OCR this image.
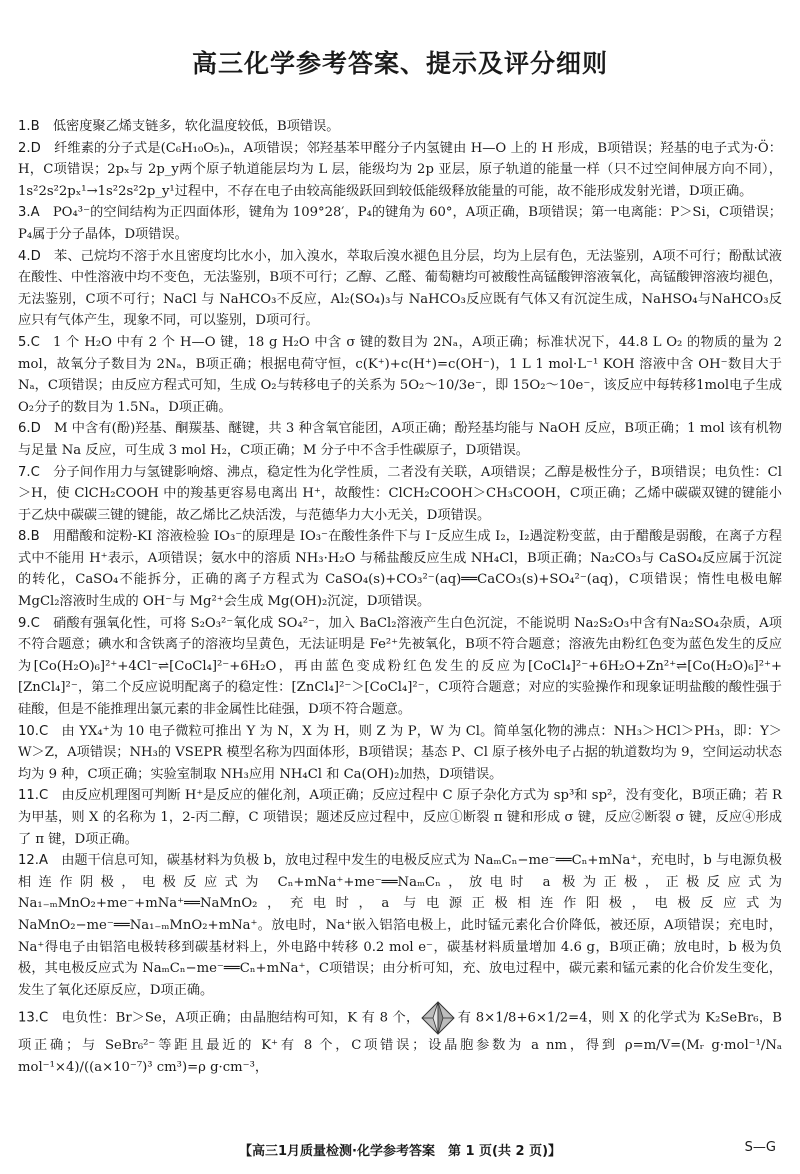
高三化学参考答案、提示及评分细则

1.B   低密度聚乙烯支链多，软化温度较低，B项错误。

2.D   纤维素的分子式是(C₆H₁₀O₅)ₙ，A项错误；邻羟基苯甲醛分子内氢键由 H—O 上的 H 形成，B项错误；羟基的电子式为·Ö：H，C项错误；2pₓ与 2p_y两个原子轨道能层均为 L 层，能级均为 2p 亚层，原子轨道的能量一样（只不过空间伸展方向不同），1s²2s²2pₓ¹→1s²2s²2p_y¹过程中，不存在电子由较高能级跃回到较低能级释放能量的可能，故不能形成发射光谱，D项正确。

3.A   PO₄³⁻的空间结构为正四面体形，键角为 109°28′，P₄的键角为 60°，A项正确，B项错误；第一电离能：P＞Si，C项错误；P₄属于分子晶体，D项错误。

4.D   苯、己烷均不溶于水且密度均比水小，加入溴水，萃取后溴水褪色且分层，均为上层有色，无法鉴别，A项不可行；酚酞试液在酸性、中性溶液中均不变色，无法鉴别，B项不可行；乙醇、乙醛、葡萄糖均可被酸性高锰酸钾溶液氧化，高锰酸钾溶液均褪色，无法鉴别，C项不可行；NaCl 与 NaHCO₃不反应，Al₂(SO₄)₃与 NaHCO₃反应既有气体又有沉淀生成，NaHSO₄与NaHCO₃反应只有气体产生，现象不同，可以鉴别，D项可行。

5.C   1 个 H₂O 中有 2 个 H—O 键，18 g H₂O 中含 σ 键的数目为 2Nₐ，A项正确；标准状况下，44.8 L O₂ 的物质的量为 2 mol，故氧分子数目为 2Nₐ，B项正确；根据电荷守恒，c(K⁺)+c(H⁺)=c(OH⁻)，1 L 1 mol·L⁻¹ KOH 溶液中含 OH⁻数目大于 Nₐ，C项错误；由反应方程式可知，生成 O₂与转移电子的关系为 5O₂～10/3e⁻，即 15O₂～10e⁻，该反应中每转移1mol电子生成 O₂分子的数目为 1.5Nₐ，D项正确。

6.D   M 中含有(酚)羟基、酮羰基、醚键，共 3 种含氧官能团，A项正确；酚羟基均能与 NaOH 反应，B项正确；1 mol 该有机物与足量 Na 反应，可生成 3 mol H₂，C项正确；M 分子中不含手性碳原子，D项错误。

7.C   分子间作用力与氢键影响熔、沸点，稳定性为化学性质，二者没有关联，A项错误；乙醇是极性分子，B项错误；电负性：Cl＞H，使 ClCH₂COOH 中的羧基更容易电离出 H⁺，故酸性：ClCH₂COOH＞CH₃COOH，C项正确；乙烯中碳碳双键的键能小于乙炔中碳碳三键的键能，故乙烯比乙炔活泼，与范德华力大小无关，D项错误。

8.B   用醋酸和淀粉-KI 溶液检验 IO₃⁻的原理是 IO₃⁻在酸性条件下与 I⁻反应生成 I₂，I₂遇淀粉变蓝，由于醋酸是弱酸，在离子方程式中不能用 H⁺表示，A项错误；氨水中的溶质 NH₃·H₂O 与稀盐酸反应生成 NH₄Cl，B项正确；Na₂CO₃与 CaSO₄反应属于沉淀的转化，CaSO₄不能拆分，正确的离子方程式为 CaSO₄(s)+CO₃²⁻(aq)══CaCO₃(s)+SO₄²⁻(aq)，C项错误；惰性电极电解 MgCl₂溶液时生成的 OH⁻与 Mg²⁺会生成 Mg(OH)₂沉淀，D项错误。

9.C   硝酸有强氧化性，可将 S₂O₃²⁻氧化成 SO₄²⁻，加入 BaCl₂溶液产生白色沉淀，不能说明 Na₂S₂O₃中含有Na₂SO₄杂质，A项不符合题意；碘水和含铁离子的溶液均呈黄色，无法证明是 Fe²⁺先被氧化，B项不符合题意；溶液先由粉红色变为蓝色发生的反应为[Co(H₂O)₆]²⁺+4Cl⁻⇌[CoCl₄]²⁻+6H₂O，再由蓝色变成粉红色发生的反应为[CoCl₄]²⁻+6H₂O+Zn²⁺⇌[Co(H₂O)₆]²⁺+[ZnCl₄]²⁻，第二个反应说明配离子的稳定性：[ZnCl₄]²⁻＞[CoCl₄]²⁻，C项符合题意；对应的实验操作和现象证明盐酸的酸性强于硅酸，但是不能推理出氯元素的非金属性比硅强，D项不符合题意。

10.C   由 YX₄⁺为 10 电子微粒可推出 Y 为 N，X 为 H，则 Z 为 P，W 为 Cl。简单氢化物的沸点：NH₃＞HCl＞PH₃，即：Y＞W＞Z，A项错误；NH₃的 VSEPR 模型名称为四面体形，B项错误；基态 P、Cl 原子核外电子占据的轨道数均为 9，空间运动状态均为 9 种，C项正确；实验室制取 NH₃应用 NH₄Cl 和 Ca(OH)₂加热，D项错误。

11.C   由反应机理图可判断 H⁺是反应的催化剂，A项正确；反应过程中 C 原子杂化方式为 sp³和 sp²，没有变化，B项正确；若 R 为甲基，则 X 的名称为 1，2-丙二醇，C 项错误；题述反应过程中，反应①断裂 π 键和形成 σ 键，反应②断裂 σ 键，反应④形成了 π 键，D项正确。

12.A   由题干信息可知，碳基材料为负极 b，放电过程中发生的电极反应式为 NaₘCₙ−me⁻══Cₙ+mNa⁺，充电时，b 与电源负极相连作阴极，电极反应式为 Cₙ+mNa⁺+me⁻══NaₘCₙ，放电时 a 极为正极，正极反应式为 Na₁₋ₘMnO₂+me⁻+mNa⁺══NaMnO₂，充电时，a 与电源正极相连作阳极，电极反应式为 NaMnO₂−me⁻══Na₁₋ₘMnO₂+mNa⁺。放电时，Na⁺嵌入铝箔电极上，此时锰元素化合价降低，被还原，A项错误；充电时，Na⁺得电子由铝箔电极转移到碳基材料上，外电路中转移 0.2 mol e⁻，碳基材料质量增加 4.6 g，B项正确；放电时，b 极为负极，其电极反应式为 NaₘCₙ−me⁻══Cₙ+mNa⁺，C项错误；由分析可知，充、放电过程中，碳元素和锰元素的化合价发生变化，发生了氧化还原反应，D项正确。

13.C   电负性：Br＞Se，A项正确；由晶胞结构可知，K 有 8 个，	有 8×1/8+6×1/2=4，则 X 的化学式为 K₂SeBr₆，B项正确；与 SeBr₆²⁻等距且最近的 K⁺有 8 个，C项错误；设晶胞参数为 a nm，得到 ρ=m/V=(Mᵣ g·mol⁻¹/Nₐ mol⁻¹×4)/((a×10⁻⁷)³ cm³)=ρ g·cm⁻³，

【高三1月质量检测·化学参考答案　第 1 页(共 2 页)】	S—G
